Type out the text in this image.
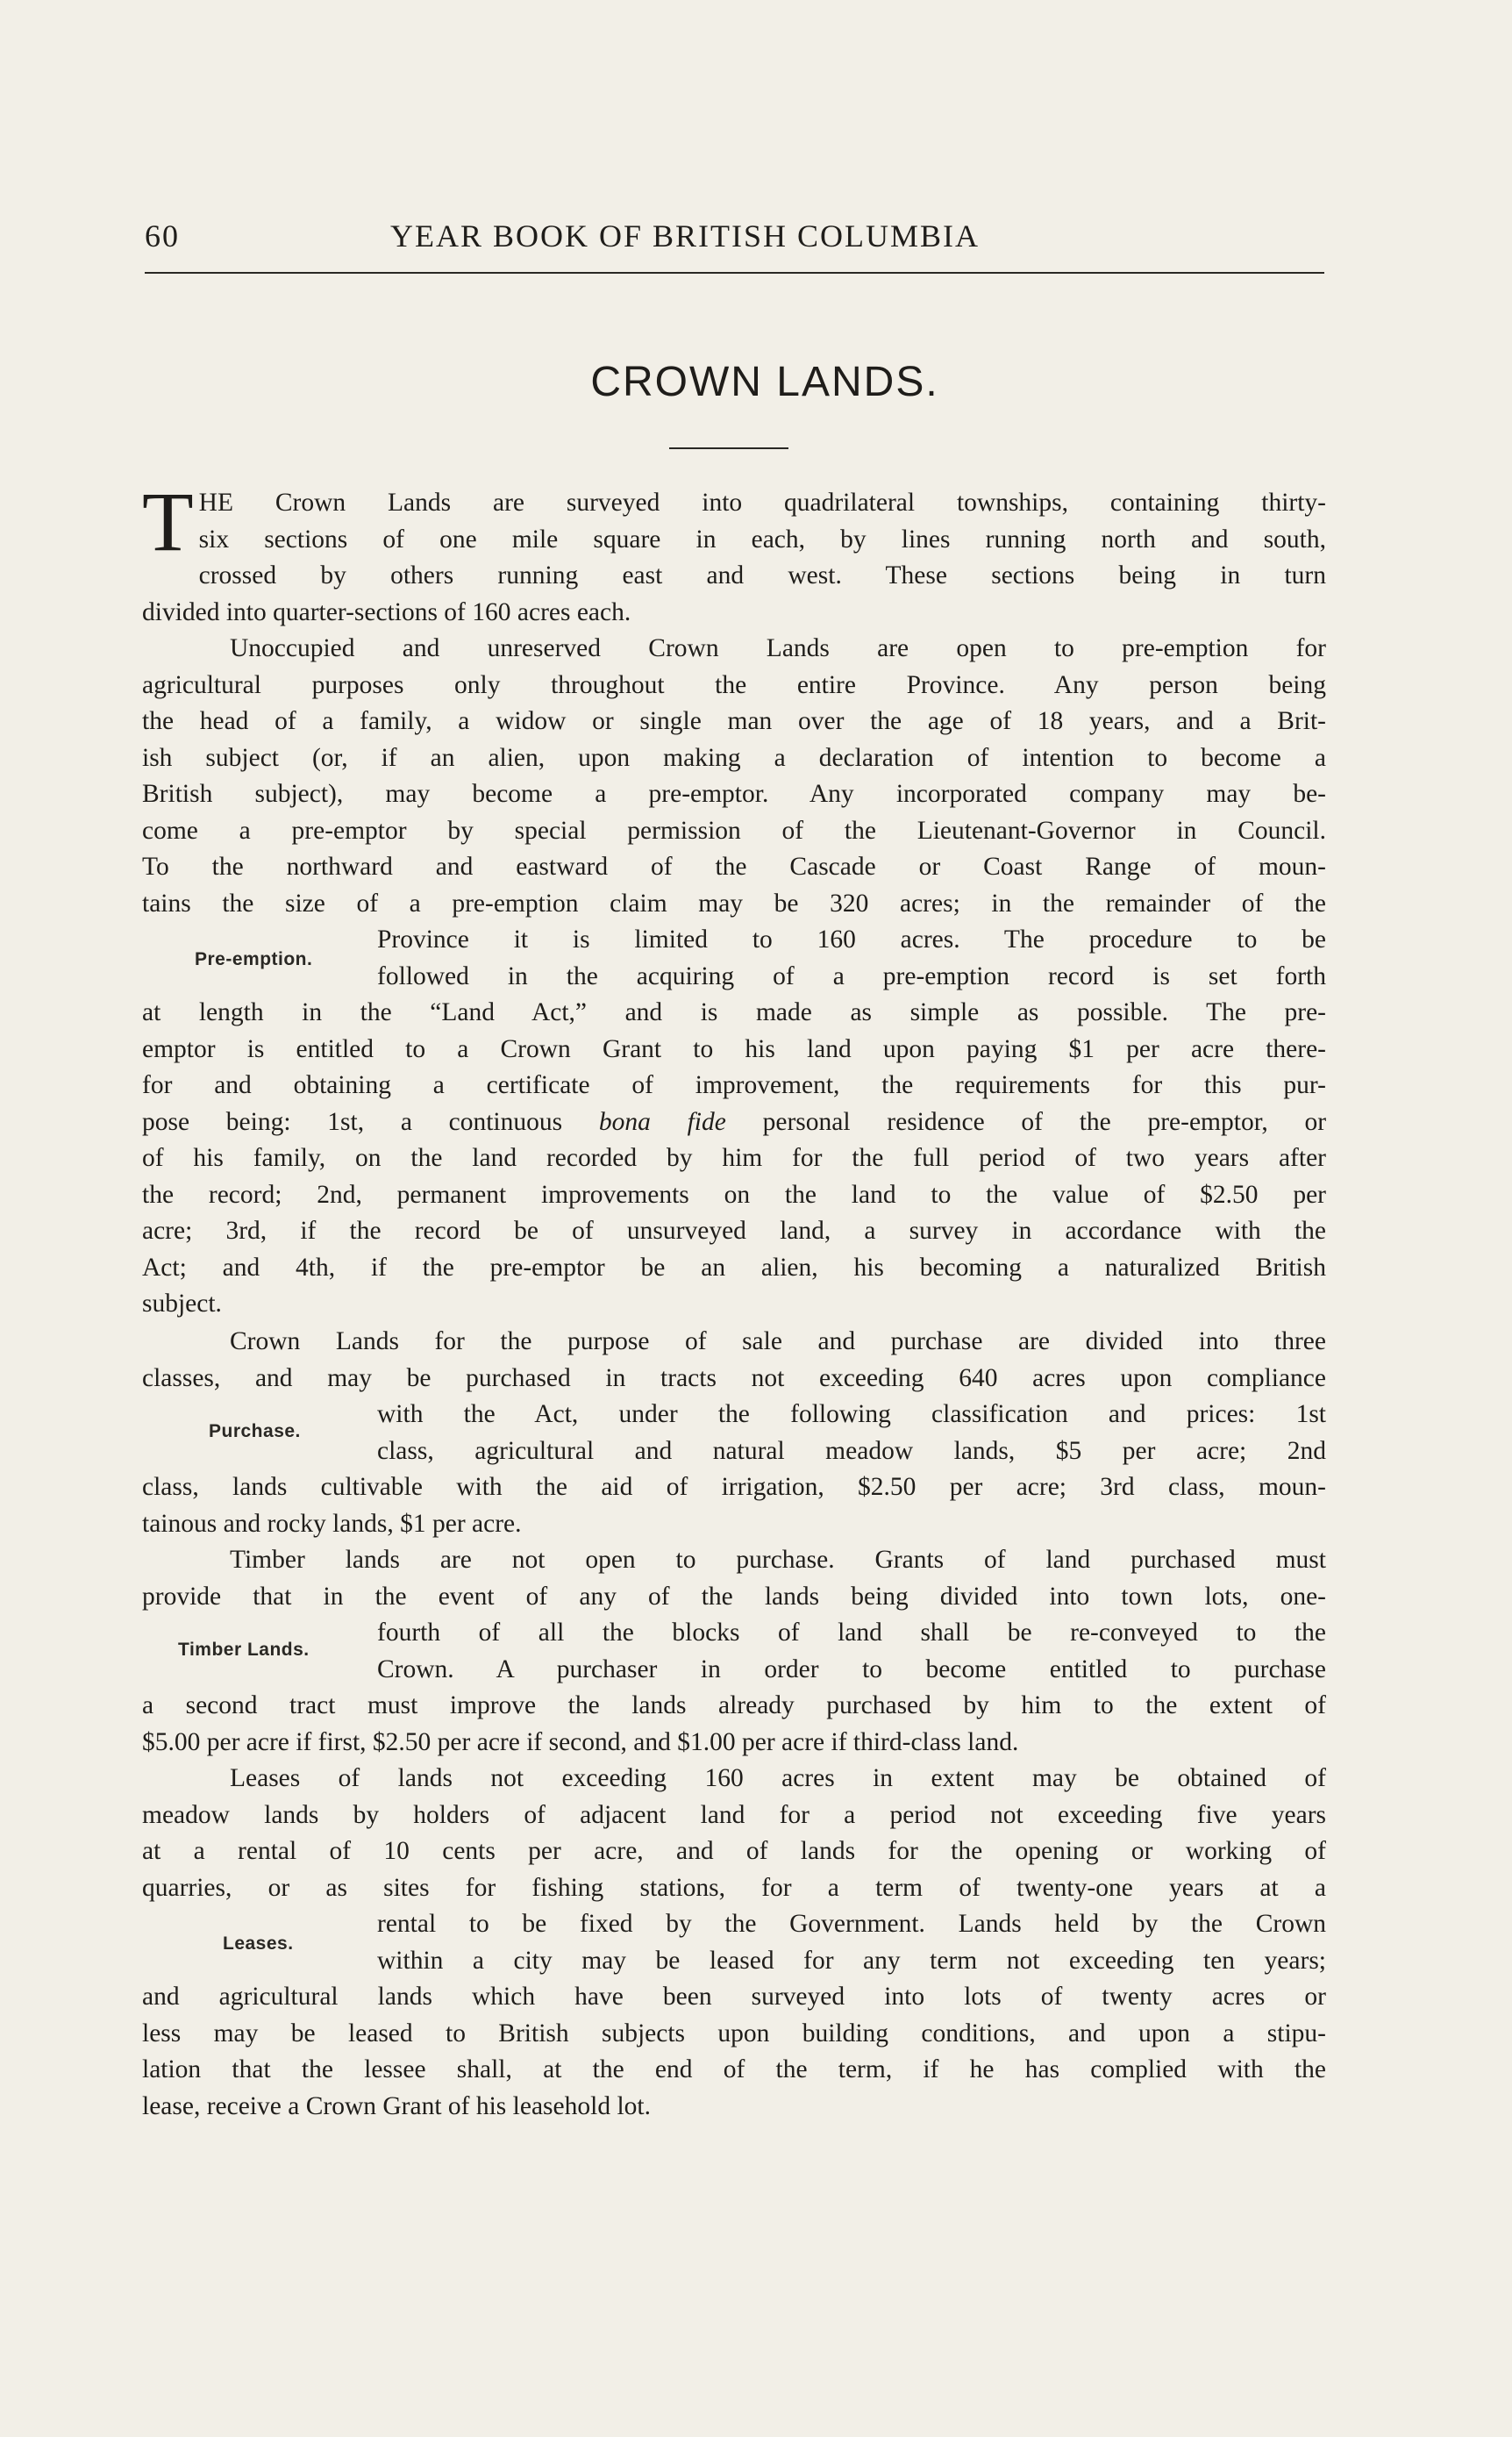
60	YEAR BOOK OF BRITISH COLUMBIA
CROWN LANDS.
T HE Crown Lands are surveyed into quadrilateral townships, containing thirty-
six sections of one mile square in each, by lines running north and south,
crossed by others running east and west. These sections being in turn
divided into quarter-sections of 160 acres each.
Unoccupied and unreserved Crown Lands are open to pre-emption for
agricultural purposes only throughout the entire Province. Any person being
the head of a family, a widow or single man over the age of 18 years, and a Brit-
ish subject (or, if an alien, upon making a declaration of intention to become a
British subject), may become a pre-emptor. Any incorporated company may be-
come a pre-emptor by special permission of the Lieutenant-Governor in Council.
To the northward and eastward of the Cascade or Coast Range of moun-
tains the size of a pre-emption claim may be 320 acres; in the remainder of the
Province it is limited to 160 acres. The procedure to be
followed in the acquiring of a pre-emption record is set forth
at length in the “Land Act,” and is made as simple as possible. The pre-
emptor is entitled to a Crown Grant to his land upon paying $1 per acre there-
for and obtaining a certificate of improvement, the requirements for this pur-
pose being: 1st, a continuous bona fide personal residence of the pre-emptor, or
of his family, on the land recorded by him for the full period of two years after
the record; 2nd, permanent improvements on the land to the value of $2.50 per
acre; 3rd, if the record be of unsurveyed land, a survey in accordance with the
Act; and 4th, if the pre-emptor be an alien, his becoming a naturalized British
subject.
Pre-emption.
Crown Lands for the purpose of sale and purchase are divided into three
classes, and may be purchased in tracts not exceeding 640 acres upon compliance
with the Act, under the following classification and prices: 1st
class, agricultural and natural meadow lands, $5 per acre; 2nd
class, lands cultivable with the aid of irrigation, $2.50 per acre; 3rd class, moun-
tainous and rocky lands, $1 per acre.
Purchase.
Timber lands are not open to purchase. Grants of land purchased must
provide that in the event of any of the lands being divided into town lots, one-
fourth of all the blocks of land shall be re-conveyed to the
Crown. A purchaser in order to become entitled to purchase
a second tract must improve the lands already purchased by him to the extent of
$5.00 per acre if first, $2.50 per acre if second, and $1.00 per acre if third-class land.
Timber Lands.
Leases of lands not exceeding 160 acres in extent may be obtained of
meadow lands by holders of adjacent land for a period not exceeding five years
at a rental of 10 cents per acre, and of lands for the opening or working of
quarries, or as sites for fishing stations, for a term of twenty-one years at a
rental to be fixed by the Government. Lands held by the Crown
within a city may be leased for any term not exceeding ten years;
and agricultural lands which have been surveyed into lots of twenty acres or
less may be leased to British subjects upon building conditions, and upon a stipu-
lation that the lessee shall, at the end of the term, if he has complied with the
lease, receive a Crown Grant of his leasehold lot.
Leases.
